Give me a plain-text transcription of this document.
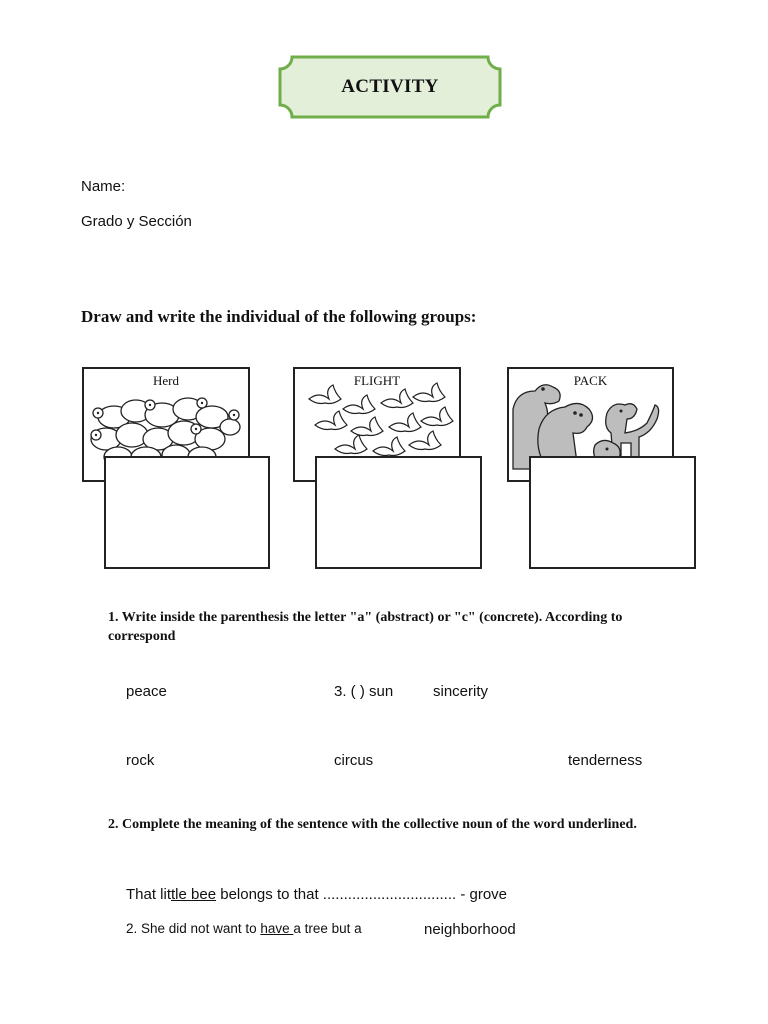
ACTIVITY
Name:
Grado y Sección
Draw and write the individual of the following groups:
Herd	FLIGHT	PACK
1. Write inside the parenthesis the letter "a" (abstract) or "c" (concrete). According to correspond
peace	3. ( ) sun	sincerity
rock	circus	tenderness
2. Complete the meaning of the sentence with the collective noun of the word underlined.
That little bee belongs to that ................................ - grove
2. She did not want to have a tree but a	neighborhood
